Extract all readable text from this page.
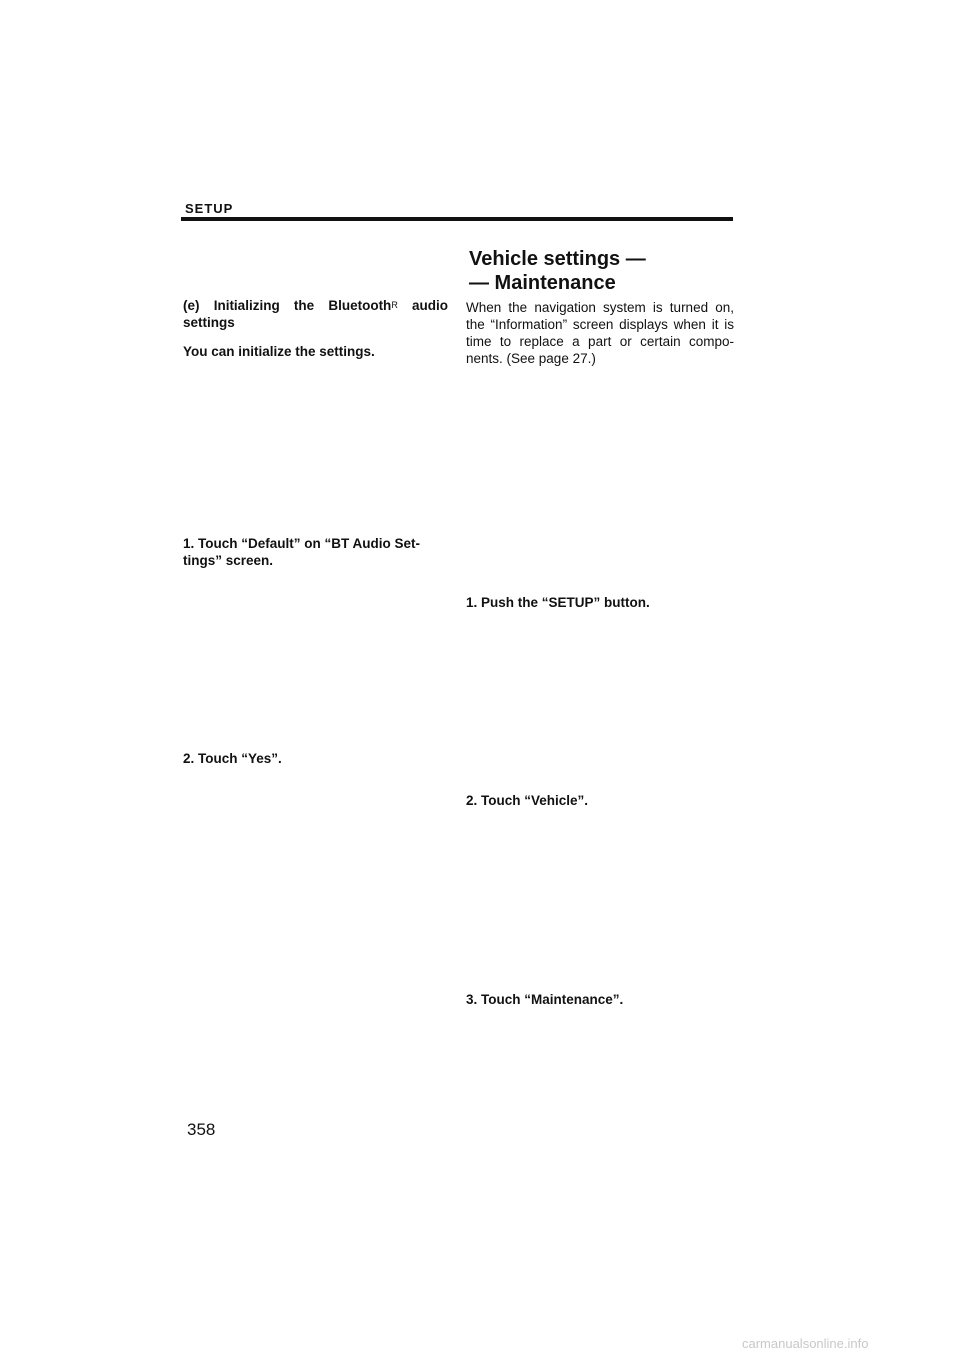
SETUP
Vehicle settings —
— Maintenance
(e) Initializing the BluetoothR audio settings
You can initialize the settings.
1. Touch “Default” on “BT Audio Set-
tings” screen.
2. Touch “Yes”.
When the navigation system is turned on, the “Information” screen displays when it is time to replace a part or certain compo- nents. (See page 27.)
1. Push the “SETUP” button.
2. Touch “Vehicle”.
3. Touch “Maintenance”.
358
carmanualsonline.info
